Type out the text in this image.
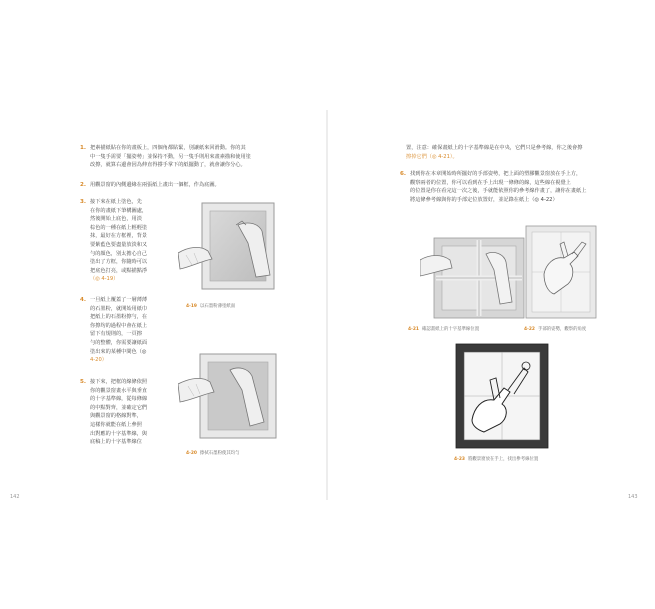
1. 把素描紙貼在你的畫板上，四個角都貼緊，別讓紙來回滑動。你的其
中一隻手需要「擺姿勢」並保持不動，另一隻手則用來畫素描和使用塗
改擦，就算右邊會因為伸直得撐手掌下的紙擺動了，就會讓你分心。
2. 用觀景窗的內側邊緣在兩張紙上畫出一個框，作為底圖。
3. 接下來在紙上塗色，先
在你的畫紙下筆構圖處，
然後開始上底色，用淡
棕色的一種在紙上輕輕塗
抹，最好在方框裡，背景
要紫藍色要盡量放淡和又
勻的顏色，別太擔心自己
塗出了方框，你隨時可以
把底色打亮，或點描點淨
（◎ 4-19）
4. 一旦紙上覆蓋了一層薄薄
的石墨粉，就開始用紙巾
把紙上的石墨粉擦勻，在
你擦均的過程中會在紙上
留下有規則的，一頁擦
勻的整體，你需要讓紙面
塗出來的某種中間色（◎
4-20）
5. 接下來，把框的線條依照
你的觀景窗畫水平與垂直
的十字基準線，從每條線
的中點對齊，並確定它們
與觀景窗的格線對準，
這樣你就能在紙上參照
出對應的十字基準線，與
底稿上的十字基準線位
4-19 以石墨粉薄塗紙面
4-20 擦拭石墨粉使其均勻
142
置，注意：確保畫紙上的十字基準線是在中央，它們只是參考線，你之後會擦
擦掉它們（◎ 4-21）。
6. 找到你在本章開始時所擺好的手部姿勢，把上面的塑膠觀景窗放在手上方，
觀察兩者的位置，你可以看到在手上出現一條條的線，這些線在視覺上
的位置是你在看完這一次之後，手就能依照你的參考線作畫了，讓你在畫紙上
將這條參考線與你的手部定位放置好，並記錄在紙上（◎ 4-22）
4-21 確認畫紙上的十字基準線位置	4-22 手部的姿勢，觀察的角度
4-23 將觀景窗放在手上，找出參考線位置
143
